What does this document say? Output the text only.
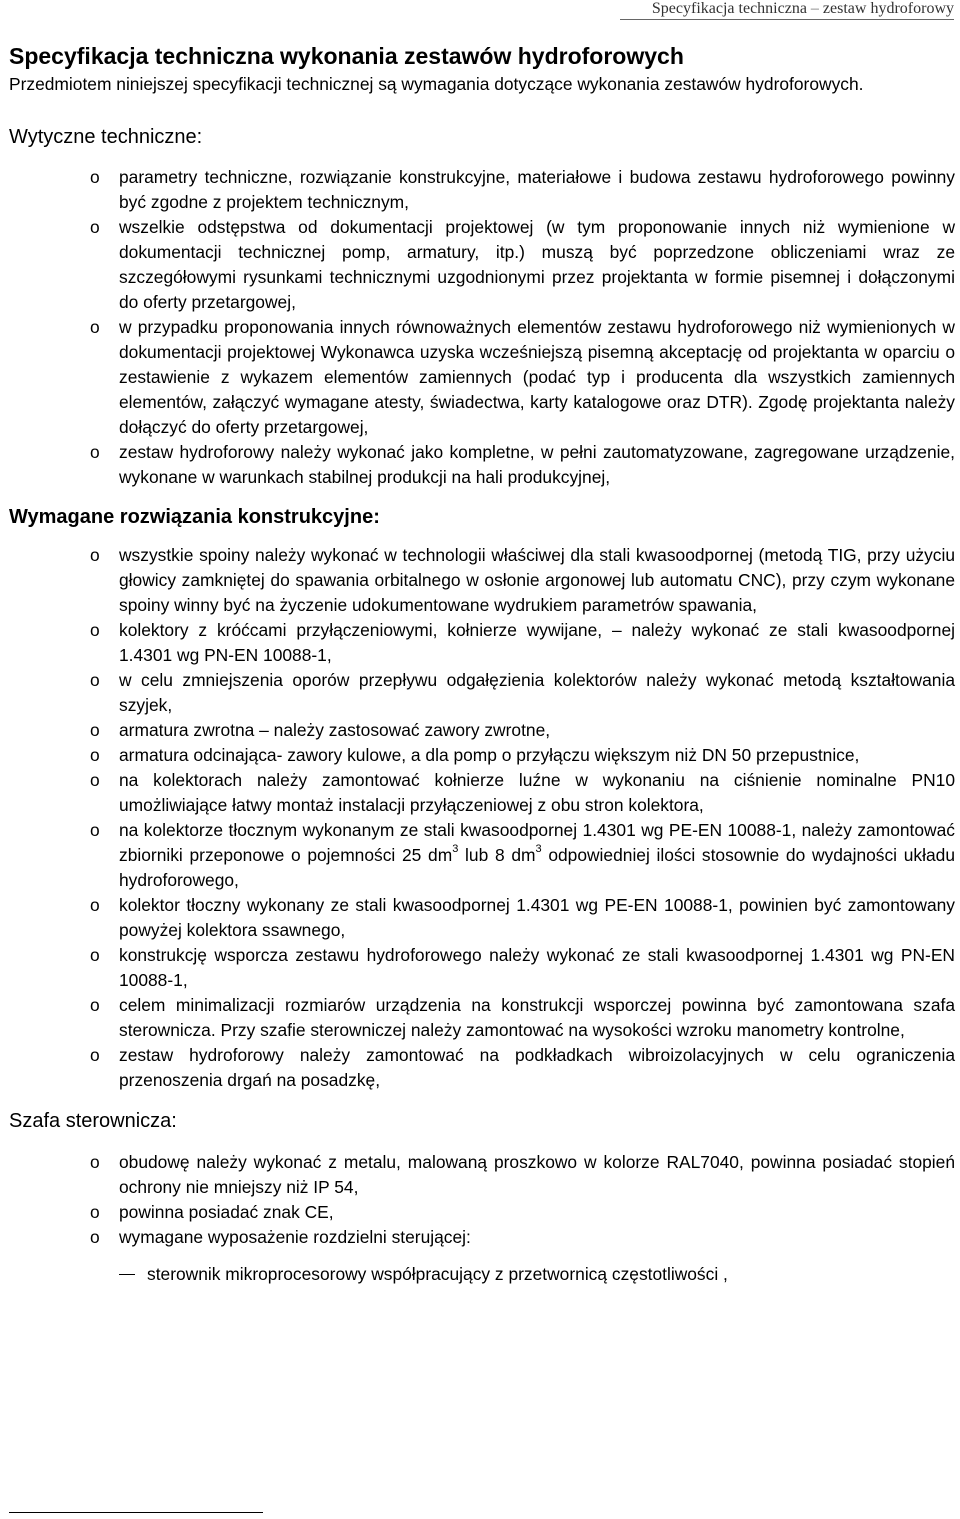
Specyfikacja techniczna – zestaw hydroforowy
Specyfikacja techniczna wykonania zestawów hydroforowych

Przedmiotem niniejszej specyfikacji technicznej są wymagania dotyczące wykonania zestawów hydroforowych.

Wytyczne techniczne:
o parametry techniczne, rozwiązanie konstrukcyjne, materiałowe i budowa zestawu hydroforowego powinny być zgodne z projektem technicznym,
o wszelkie odstępstwa od dokumentacji projektowej (w tym proponowanie innych niż wymienione w dokumentacji technicznej pomp, armatury, itp.) muszą być poprzedzone obliczeniami wraz ze szczegółowymi rysunkami technicznymi uzgodnionymi przez projektanta w formie pisemnej i dołączonymi do oferty przetargowej,
o w przypadku proponowania innych równoważnych elementów zestawu hydroforowego niż wymienionych w dokumentacji projektowej Wykonawca uzyska wcześniejszą pisemną akceptację od projektanta w oparciu o zestawienie z wykazem elementów zamiennych (podać typ i producenta dla wszystkich zamiennych elementów, załączyć wymagane atesty, świadectwa, karty katalogowe oraz DTR). Zgodę projektanta należy dołączyć do oferty przetargowej,
o zestaw hydroforowy należy wykonać jako kompletne, w pełni zautomatyzowane, zagregowane urządzenie, wykonane w warunkach stabilnej produkcji na hali produkcyjnej,
Wymagane rozwiązania konstrukcyjne:
o wszystkie spoiny należy wykonać w technologii właściwej dla stali kwasoodpornej (metodą TIG, przy użyciu głowicy zamkniętej do spawania orbitalnego w osłonie argonowej lub automatu CNC), przy czym wykonane spoiny winny być na życzenie udokumentowane wydrukiem parametrów spawania,
o kolektory z króćcami przyłączeniowymi, kołnierze wywijane, – należy wykonać ze stali kwasoodpornej 1.4301 wg PN-EN 10088-1,
o w celu zmniejszenia oporów przepływu odgałęzienia kolektorów należy wykonać metodą kształtowania szyjek,
o armatura zwrotna – należy zastosować zawory zwrotne,
o armatura odcinająca- zawory kulowe, a dla pomp o przyłączu większym niż DN 50 przepustnice,
o na kolektorach należy zamontować kołnierze luźne w wykonaniu na ciśnienie nominalne PN10 umożliwiające łatwy montaż instalacji przyłączeniowej z obu stron kolektora,
o na kolektorze tłocznym wykonanym ze stali kwasoodpornej 1.4301 wg PE-EN 10088-1, należy zamontować zbiorniki przeponowe o pojemności 25 $dm^3$ lub 8 $dm^3$ odpowiedniej ilości stosownie do wydajności układu hydroforowego,
o kolektor tłoczny wykonany ze stali kwasoodpornej 1.4301 wg PE-EN 10088-1, powinien być zamontowany powyżej kolektora ssawnego,
o konstrukcję wsporcza zestawu hydroforowego należy wykonać ze stali kwasoodpornej 1.4301 wg PN-EN 10088-1,
o celem minimalizacji rozmiarów urządzenia na konstrukcji wsporczej powinna być zamontowana szafa sterownicza. Przy szafie sterowniczej należy zamontować na wysokości wzroku manometry kontrolne,
o zestaw hydroforowy należy zamontować na podkładkach wibroizolacyjnych w celu ograniczenia przenoszenia drgań na posadzkę,
Szafa sterownicza:
o obudowę należy wykonać z metalu, malowaną proszkowo w kolorze RAL7040, powinna posiadać stopień ochrony nie mniejszy niż IP 54,
o powinna posiadać znak CE,
o wymagane wyposażenie rozdzielni sterującej:
sterownik mikroprocesorowy współpracujący z przetwornicą częstotliwości ,
